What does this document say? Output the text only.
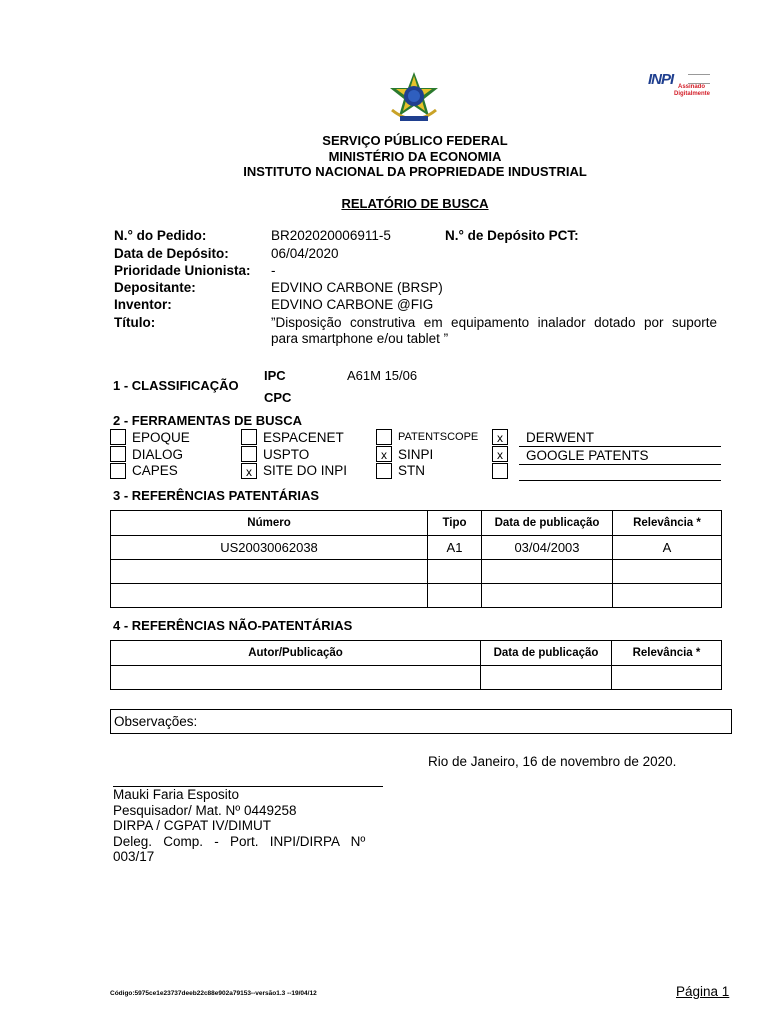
INPI Assinado
Digitalmente
SERVIÇO PÚBLICO FEDERAL
MINISTÉRIO DA ECONOMIA
INSTITUTO NACIONAL DA PROPRIEDADE INDUSTRIAL
RELATÓRIO DE BUSCA
N.° do Pedido:	BR202020006911-5	N.° de Depósito PCT:
Data de Depósito:	06/04/2020
Prioridade Unionista: -
Depositante:	EDVINO CARBONE (BRSP)
Inventor:	EDVINO CARBONE @FIG
Título:	”Disposição construtiva em equipamento inalador dotado por suporte
para smartphone e/ou tablet ”
1 - CLASSIFICAÇÃO
IPC	A61M 15/06
CPC
2 - FERRAMENTAS DE BUSCA
EPOQUE	ESPACENET	PATENTSCOPE	x	DERWENT
DIALOG	USPTO	x SINPI	x	GOOGLE PATENTS
CAPES	x SITE DO INPI	STN
3 - REFERÊNCIAS PATENTÁRIAS
Número	Tipo	Data de publicação	Relevância *
US20030062038	A1	03/04/2003	A

4 - REFERÊNCIAS NÃO-PATENTÁRIAS
Autor/Publicação	Data de publicação	Relevância *

Observações:
Rio de Janeiro, 16 de novembro de 2020.
Mauki Faria Esposito
Pesquisador/ Mat. Nº 0449258
DIRPA / CGPAT IV/DIMUT
Deleg.   Comp.   -   Port.   INPI/DIRPA   Nº
003/17
Código:5975ce1e23737deeb22c88e902a79153--versão1.3 --19/04/12	Página 1
